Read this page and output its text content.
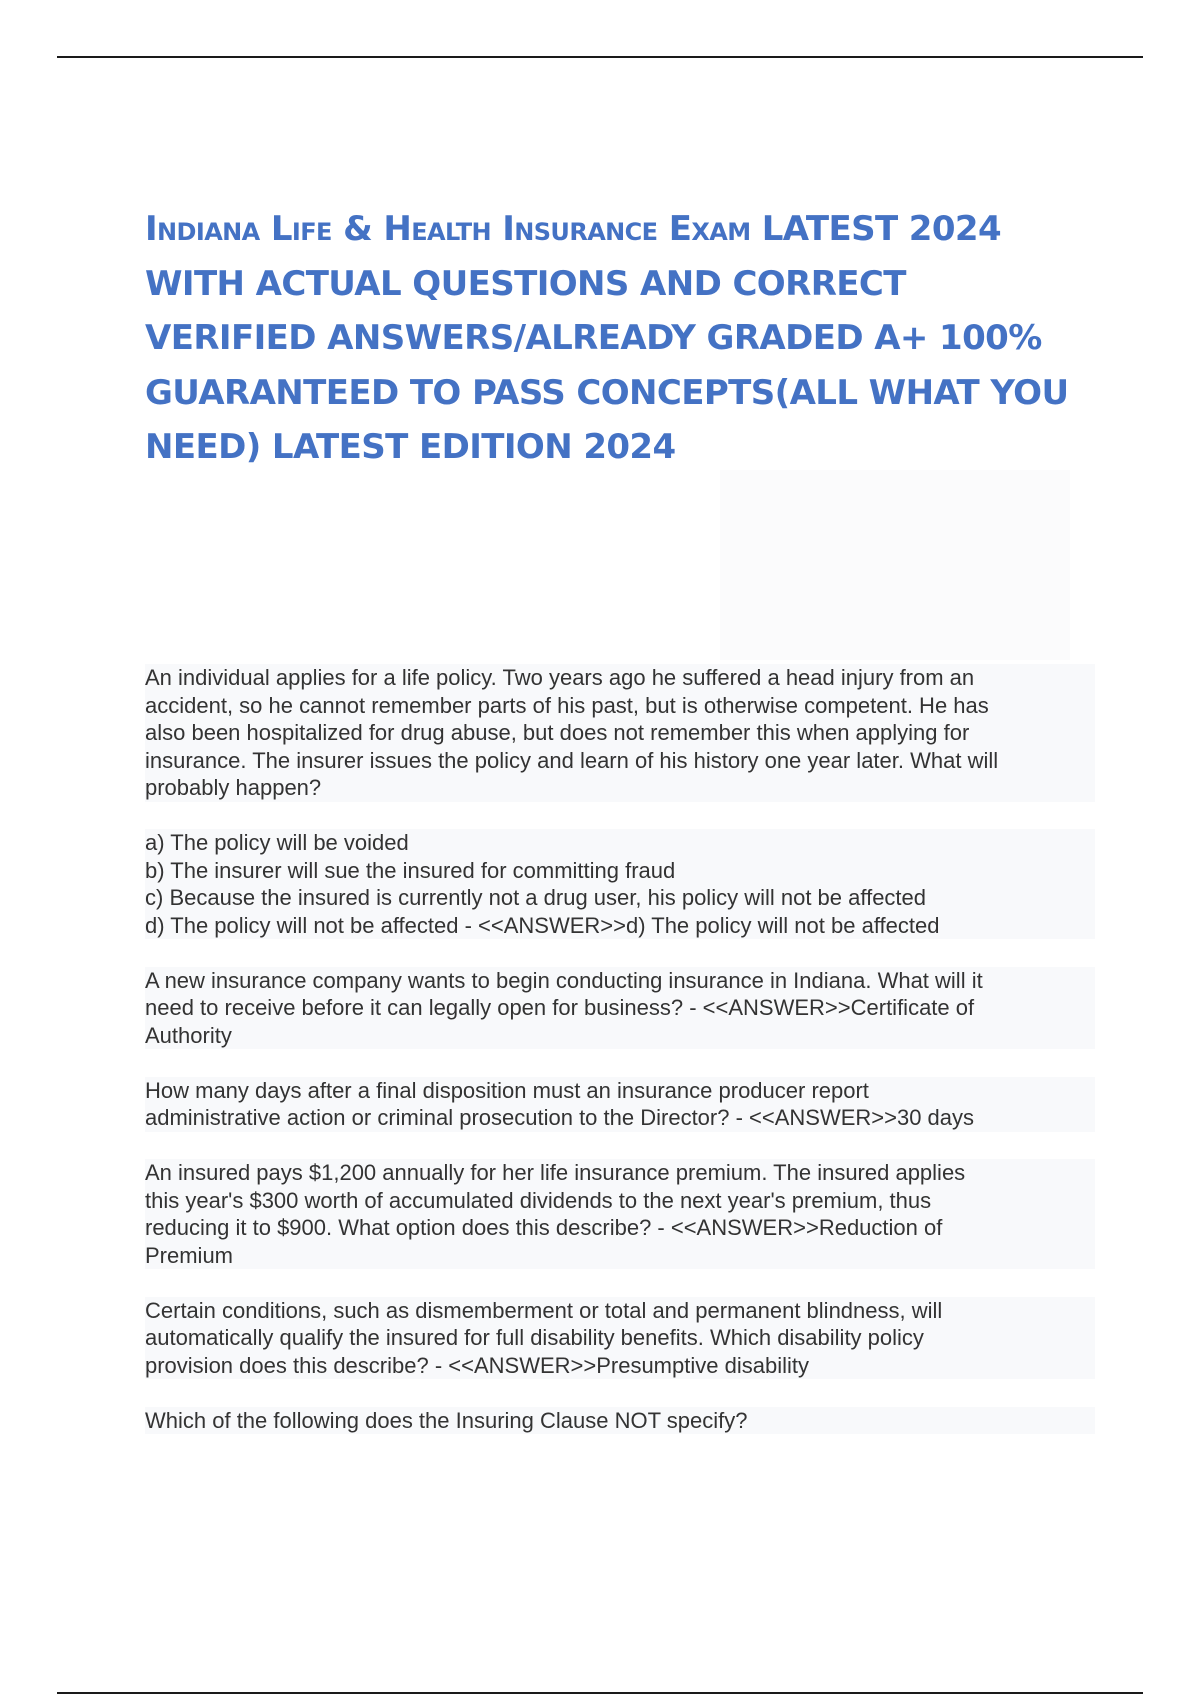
Indiana Life & Health Insurance Exam LATEST 2024 WITH ACTUAL QUESTIONS AND CORRECT VERIFIED ANSWERS/ALREADY GRADED A+ 100% GUARANTEED TO PASS CONCEPTS(ALL WHAT YOU NEED) LATEST EDITION 2024

An individual applies for a life policy. Two years ago he suffered a head injury from an
accident, so he cannot remember parts of his past, but is otherwise competent. He has
also been hospitalized for drug abuse, but does not remember this when applying for
insurance. The insurer issues the policy and learn of his history one year later. What will
probably happen?

a) The policy will be voided
b) The insurer will sue the insured for committing fraud
c) Because the insured is currently not a drug user, his policy will not be affected
d) The policy will not be affected - <<ANSWER>>d) The policy will not be affected

A new insurance company wants to begin conducting insurance in Indiana. What will it
need to receive before it can legally open for business? - <<ANSWER>>Certificate of
Authority

How many days after a final disposition must an insurance producer report
administrative action or criminal prosecution to the Director? - <<ANSWER>>30 days

An insured pays $1,200 annually for her life insurance premium. The insured applies
this year's $300 worth of accumulated dividends to the next year's premium, thus
reducing it to $900. What option does this describe? - <<ANSWER>>Reduction of
Premium

Certain conditions, such as dismemberment or total and permanent blindness, will
automatically qualify the insured for full disability benefits. Which disability policy
provision does this describe? - <<ANSWER>>Presumptive disability

Which of the following does the Insuring Clause NOT specify?
